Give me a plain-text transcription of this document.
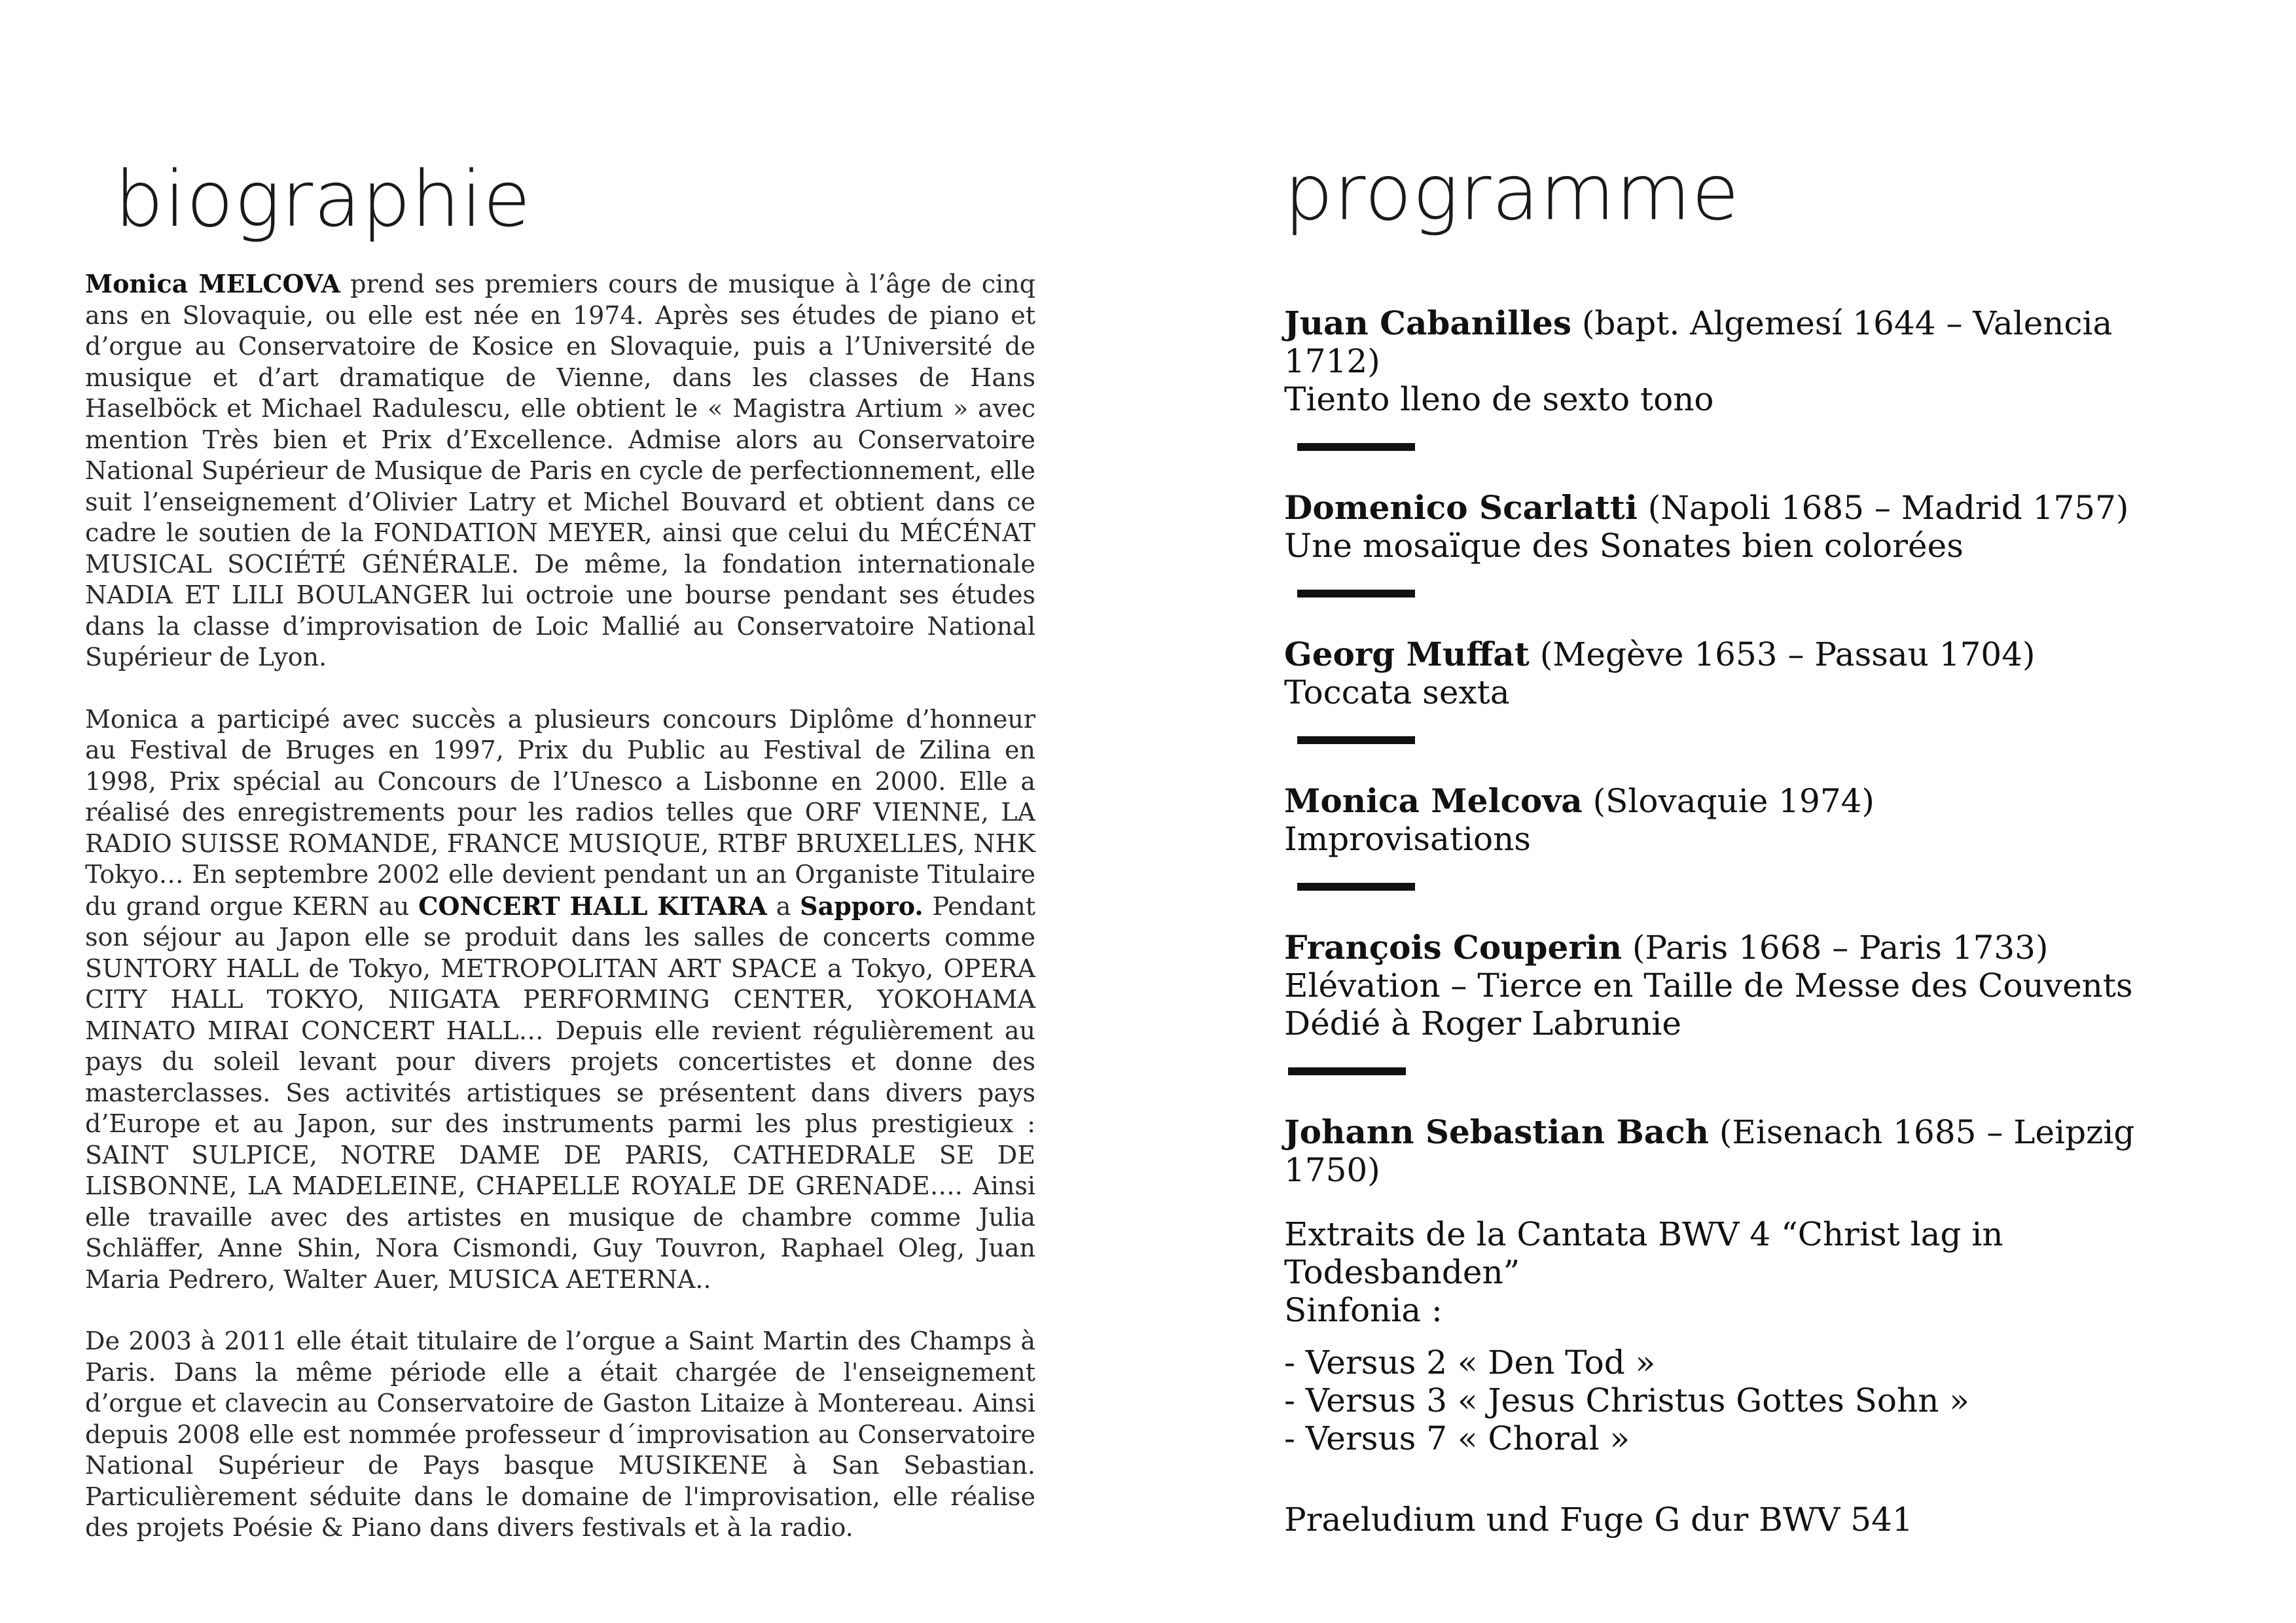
biographie

Monica MELCOVA prend ses premiers cours de musique à l’âge de cinq ans en Slovaquie, ou elle est née en 1974. Après ses études de piano et d’orgue au Conservatoire de Kosice en Slovaquie, puis a l’Université de musique et d’art dramatique de Vienne, dans les classes de Hans Haselböck et Michael Radulescu, elle obtient le « Magistra Artium » avec mention Très bien et Prix d’Excellence. Admise alors au Conservatoire National Supérieur de Musique de Paris en cycle de perfectionnement, elle suit l’enseignement d’Olivier Latry et Michel Bouvard et obtient dans ce cadre le soutien de la FONDATION MEYER, ainsi que celui du MÉCÉNAT MUSICAL SOCIÉTÉ GÉNÉRALE. De même, la fondation internationale NADIA ET LILI BOULANGER lui octroie une bourse pendant ses études dans la classe d’improvisation de Loic Mallié au Conservatoire National Supérieur de Lyon.

Monica a participé avec succès a plusieurs concours Diplôme d’honneur au Festival de Bruges en 1997, Prix du Public au Festival de Zilina en 1998, Prix spécial au Concours de l’Unesco a Lisbonne en 2000. Elle a réalisé des enregistrements pour les radios telles que ORF VIENNE, LA RADIO SUISSE ROMANDE, FRANCE MUSIQUE, RTBF BRUXELLES, NHK Tokyo… En septembre 2002 elle devient pendant un an Organiste Titulaire du grand orgue KERN au CONCERT HALL KITARA a Sapporo. Pendant son séjour au Japon elle se produit dans les salles de concerts comme SUNTORY HALL de Tokyo, METROPOLITAN ART SPACE a Tokyo, OPERA CITY HALL TOKYO, NIIGATA PERFORMING CENTER, YOKOHAMA MINATO MIRAI CONCERT HALL… Depuis elle revient régulièrement au pays du soleil levant pour divers projets concertistes et donne des masterclasses. Ses activités artistiques se présentent dans divers pays d’Europe et au Japon, sur des instruments parmi les plus prestigieux : SAINT SULPICE, NOTRE DAME DE PARIS, CATHEDRALE SE DE LISBONNE, LA MADELEINE, CHAPELLE ROYALE DE GRENADE…. Ainsi elle travaille avec des artistes en musique de chambre comme Julia Schläffer, Anne Shin, Nora Cismondi, Guy Touvron, Raphael Oleg, Juan Maria Pedrero, Walter Auer, MUSICA AETERNA..

De 2003 à 2011 elle était titulaire de l’orgue a Saint Martin des Champs à Paris. Dans la même période elle a était chargée de l'enseignement d’orgue et clavecin au Conservatoire de Gaston Litaize à Montereau. Ainsi depuis 2008 elle est nommée professeur d´improvisation au Conservatoire National Supérieur de Pays basque MUSIKENE à San Sebastian. Particulièrement séduite dans le domaine de l'improvisation, elle réalise des projets Poésie & Piano dans divers festivals et à la radio.

programme
Juan Cabanilles (bapt. Algemesí 1644 – Valencia 1712)
Tiento lleno de sexto tono
Domenico Scarlatti (Napoli 1685 – Madrid 1757)
Une mosaïque des Sonates bien colorées
Georg Muffat (Megève 1653 – Passau 1704)
Toccata sexta
Monica Melcova (Slovaquie 1974)
Improvisations
François Couperin (Paris 1668 – Paris 1733)
Elévation – Tierce en Taille de Messe des Couvents
Dédié à Roger Labrunie
Johann Sebastian Bach (Eisenach 1685 – Leipzig 1750)
Extraits de la Cantata BWV 4 “Christ lag in Todesbanden”
Sinfonia :
- Versus 2 « Den Tod »
- Versus 3 « Jesus Christus Gottes Sohn »
- Versus 7 « Choral »
Praeludium und Fuge G dur BWV 541
